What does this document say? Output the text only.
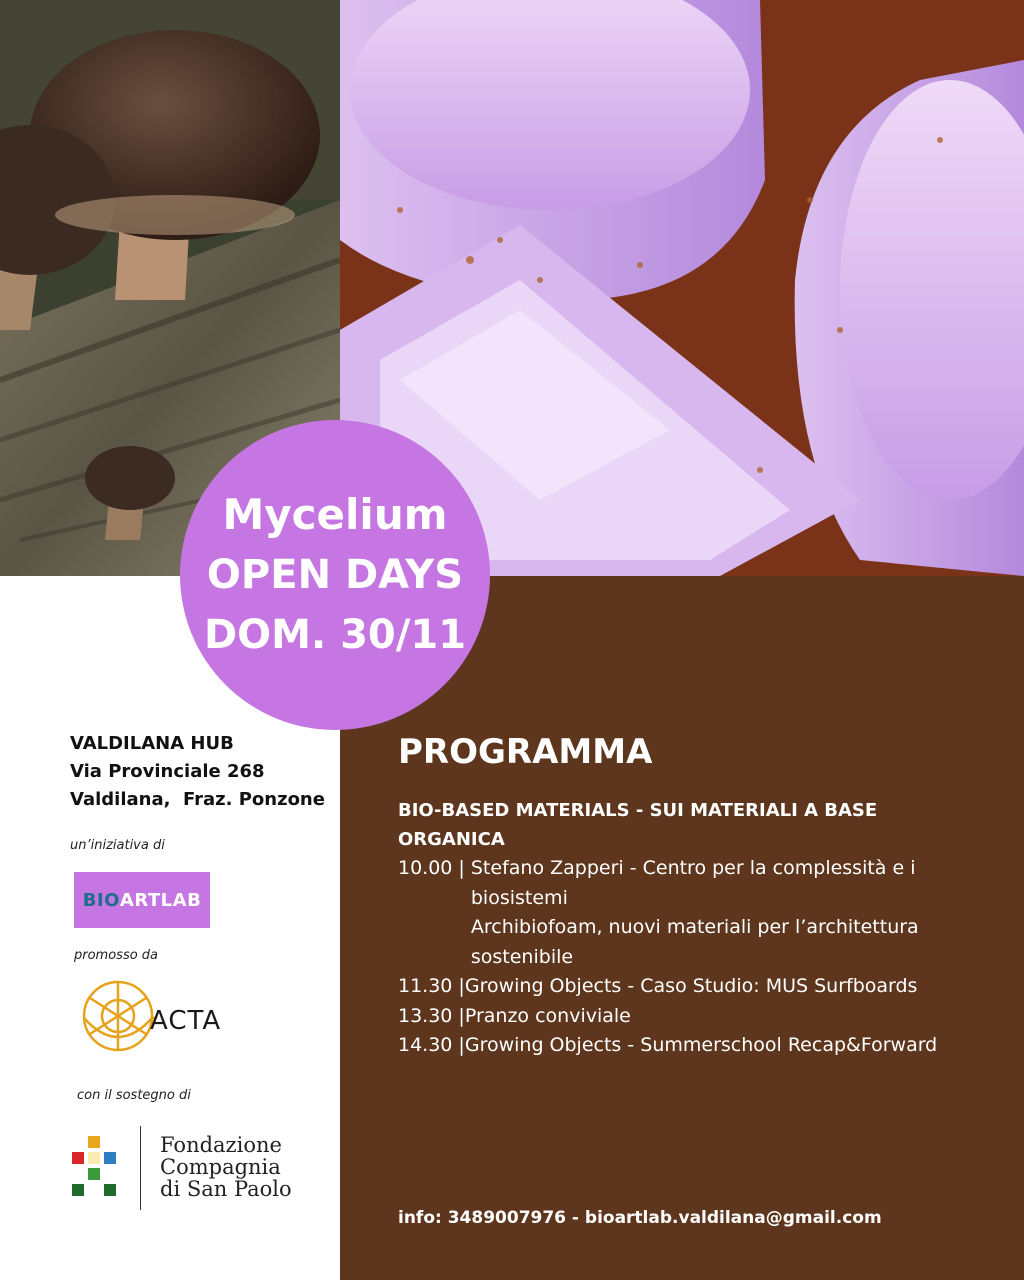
Mycelium
OPEN DAYS
DOM. 30/11
VALDILANA HUB
Via Provinciale 268
Valdilana,  Fraz. Ponzone
un’iniziativa di
BIO ARTLAB
promosso da
ACTA
con il sostegno di
Fondazione
Compagnia
di San Paolo
PROGRAMMA
BIO-BASED MATERIALS - SUI MATERIALI A BASE ORGANICA
10.00 | Stefano Zapperi - Centro per la complessità e i biosistemi
Archibiofoam, nuovi materiali per l’architettura sostenibile
11.30 | Growing Objects - Caso Studio: MUS Surfboards
13.30 | Pranzo conviviale
14.30 | Growing Objects - Summerschool Recap&Forward
info: 3489007976 - bioartlab.valdilana@gmail.com
